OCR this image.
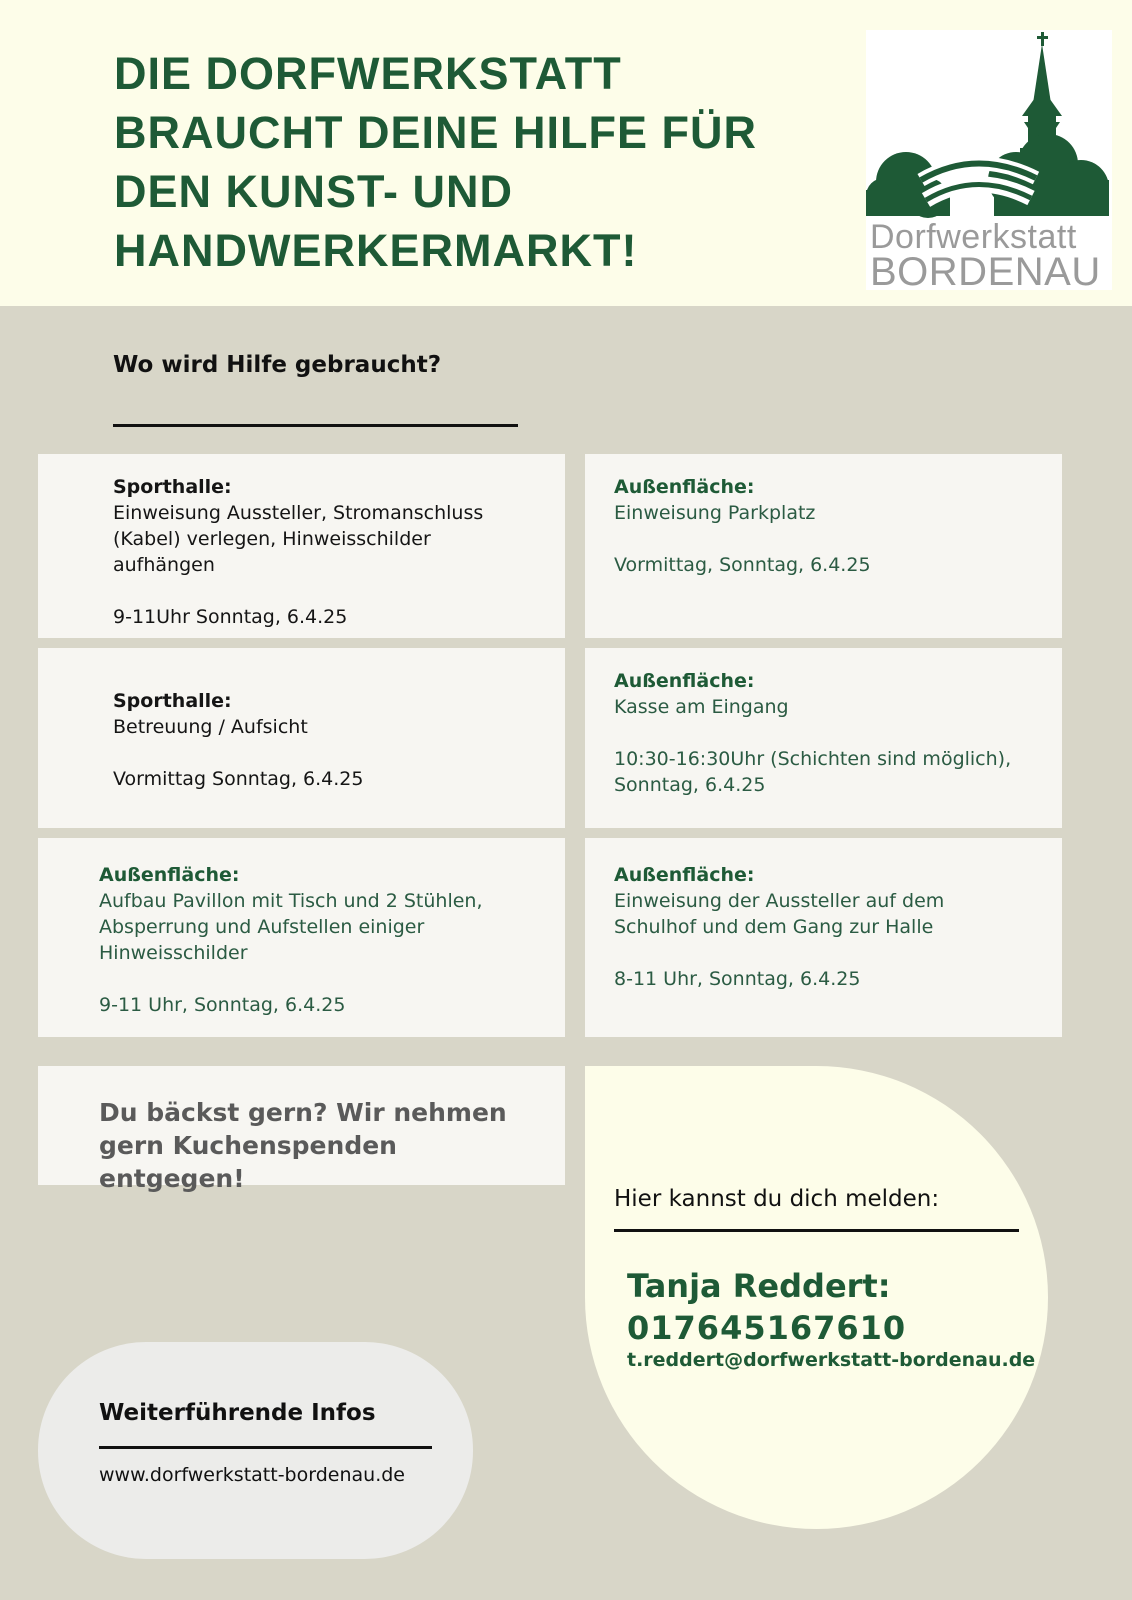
DIE DORFWERKSTATT
BRAUCHT DEINE HILFE FÜR
DEN KUNST- UND
HANDWERKERMARKT!	Dorfwerkstatt
BORDENAU
Wo wird Hilfe gebraucht?
Sporthalle:
Einweisung Aussteller, Stromanschluss
(Kabel) verlegen, Hinweisschilder
aufhängen
9-11Uhr Sonntag, 6.4.25
Außenfläche:
Einweisung Parkplatz
Vormittag, Sonntag, 6.4.25
Sporthalle:
Betreuung / Aufsicht
Vormittag Sonntag, 6.4.25
Außenfläche:
Kasse am Eingang
10:30-16:30Uhr (Schichten sind möglich),
Sonntag, 6.4.25
Außenfläche:
Aufbau Pavillon mit Tisch und 2 Stühlen,
Absperrung und Aufstellen einiger
Hinweisschilder
9-11 Uhr, Sonntag, 6.4.25
Außenfläche:
Einweisung der Aussteller auf dem
Schulhof und dem Gang zur Halle
8-11 Uhr, Sonntag, 6.4.25
Du bäckst gern? Wir nehmen gern Kuchenspenden entgegen!

Hier kannst du dich melden:

Tanja Reddert:

017645167610

t.reddert@dorfwerkstatt-bordenau.de

Weiterführende Infos

www.dorfwerkstatt-bordenau.de
